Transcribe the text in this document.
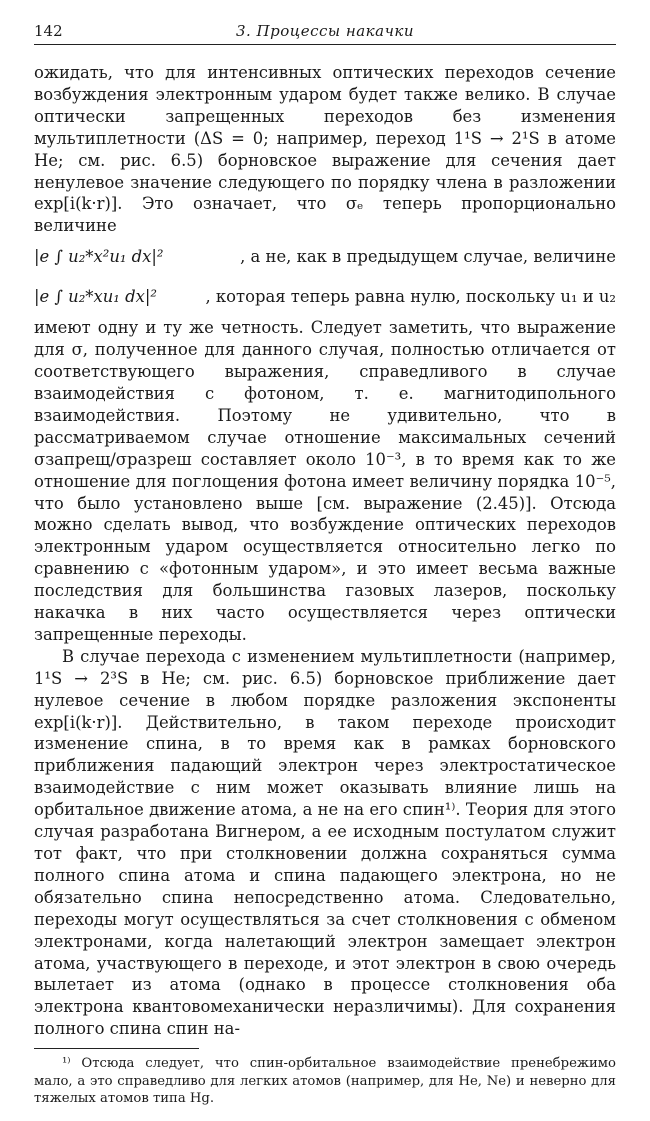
142	3. Процессы накачки

ожидать, что для интенсивных оптических переходов сечение возбуждения электронным ударом будет также велико. В случае оптически запрещенных переходов без изменения мультиплетности (ΔS = 0; например, переход 1¹S → 2¹S в атоме He; см. рис. 6.5) борновское выражение для сечения дает ненулевое значение следующего по порядку члена в разложении exp[i(k·r)]. Это означает, что σₑ теперь пропорционально величине

|e ∫ u₂*x²u₁ dx|²	, а не, как в предыдущем случае, величине
|e ∫ u₂*xu₁ dx|²	, которая теперь равна нулю, поскольку u₁ и u₂

имеют одну и ту же четность. Следует заметить, что выражение для σ, полученное для данного случая, полностью отличается от соответствующего выражения, справедливого в случае взаимодействия с фотоном, т. е. магнитодипольного взаимодействия. Поэтому не удивительно, что в рассматриваемом случае отношение максимальных сечений σзапрещ/σразреш составляет около 10⁻³, в то время как то же отношение для поглощения фотона имеет величину порядка 10⁻⁵, что было установлено выше [см. выражение (2.45)]. Отсюда можно сделать вывод, что возбуждение оптических переходов электронным ударом осуществляется относительно легко по сравнению с «фотонным ударом», и это имеет весьма важные последствия для большинства газовых лазеров, поскольку накачка в них часто осуществляется через оптически запрещенные переходы.

В случае перехода с изменением мультиплетности (например, 1¹S → 2³S в He; см. рис. 6.5) борновское приближение дает нулевое сечение в любом порядке разложения экспоненты exp[i(k·r)]. Действительно, в таком переходе происходит изменение спина, в то время как в рамках борновского приближения падающий электрон через электростатическое взаимодействие с ним может оказывать влияние лишь на орбитальное движение атома, а не на его спин¹⁾. Теория для этого случая разработана Вигнером, а ее исходным постулатом служит тот факт, что при столкновении должна сохраняться сумма полного спина атома и спина падающего электрона, но не обязательно спина непосредственно атома. Следовательно, переходы могут осуществляться за счет столкновения с обменом электронами, когда налетающий электрон замещает электрон атома, участвующего в переходе, и этот электрон в свою очередь вылетает из атома (однако в процессе столкновения оба электрона квантовомеханически неразличимы). Для сохранения полного спина спин на-

¹⁾ Отсюда следует, что спин-орбитальное взаимодействие пренебрежимо мало, а это справедливо для легких атомов (например, для He, Ne) и неверно для тяжелых атомов типа Hg.
